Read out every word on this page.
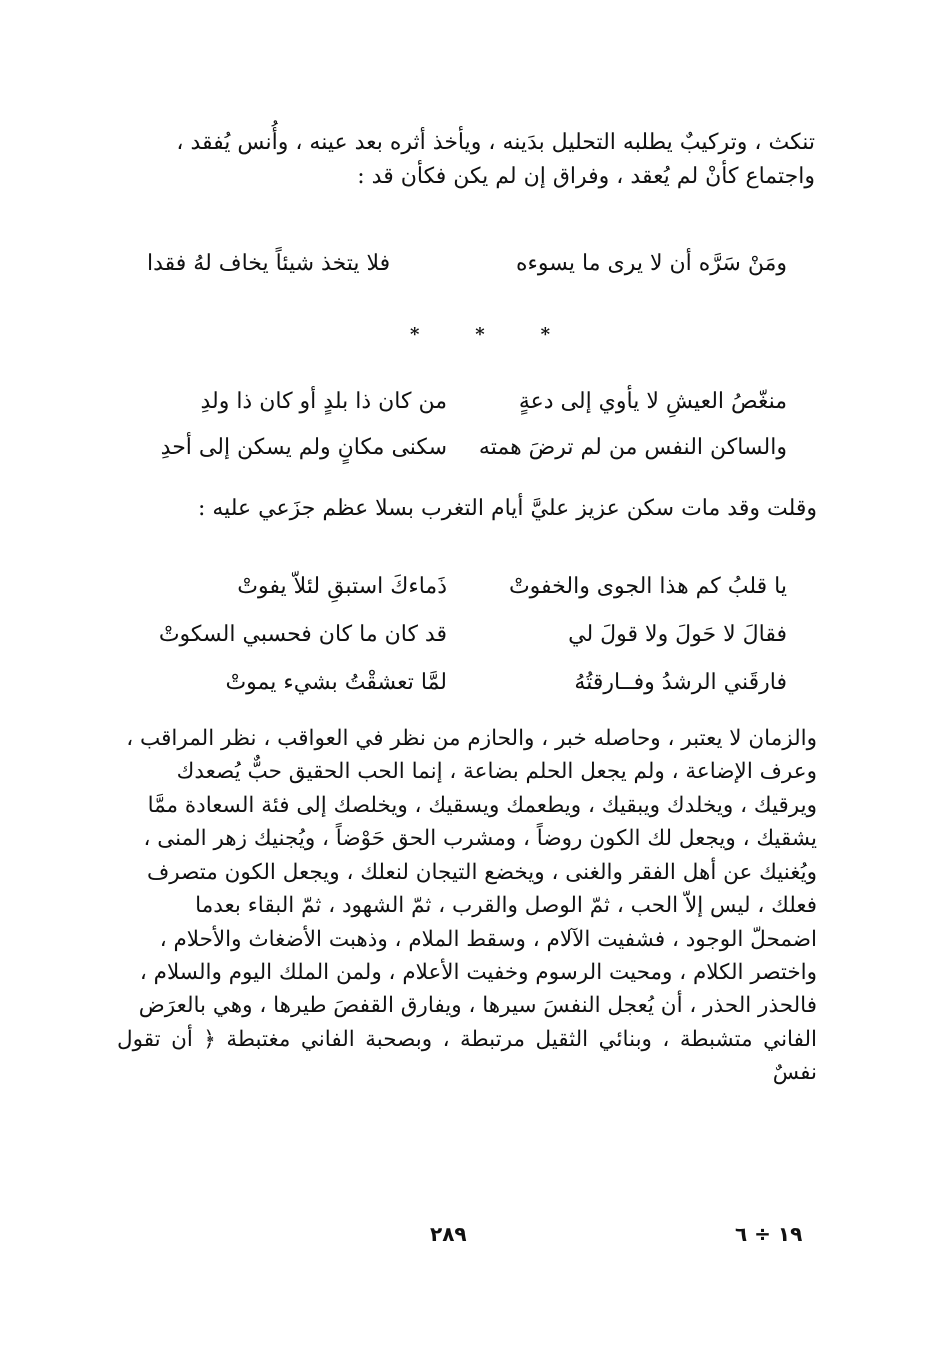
تنكث ، وتركيبٌ يطلبه التحليل بدَينه ، ويأخذ أثره بعد عينه ، وأُنس يُفقد ،

واجتماع كأنْ لم يُعقد ، وفراق إن لم يكن فكأن قد :

ومَنْ سَرَّه أن لا يرى ما يسوءه
فلا يتخذ شيئاً يخاف لهُ فقدا
*
*
*
منغّصُ العيشِ لا يأوي إلى دعةٍ
من كان ذا بلدٍ أو كان ذا ولدِ
والساكن النفس من لم ترضَ همته
سكنى مكانٍ ولم يسكن إلى أحدِ

وقلت وقد مات سكن عزيز عليَّ أيام التغرب بسلا عظم جزَعي عليه :

يا قلبُ كم هذا الجوى والخفوتْ
ذَماءكَ استبقِ لئلاّ يفوتْ
فقالَ لا حَولَ ولا قولَ لي
قد كان ما كان فحسبي السكوتْ
فارقَني الرشدُ وفــارقتُهُ
لمَّا تعشقْتُ بشيء يموتْ

والزمان لا يعتبر ، وحاصله خبر ، والحازم من نظر في العواقب ، نظر المراقب ،

وعرف الإضاعة ، ولم يجعل الحلم بضاعة ، إنما الحب الحقيق حبٌّ يُصعدك

ويرقيك ، ويخلدك ويبقيك ، ويطعمك ويسقيك ، ويخلصك إلى فئة السعادة ممَّا

يشقيك ، ويجعل لك الكون روضاً ، ومشرب الحق حَوْضاً ، ويُجنيك زهر المنى ،

ويُغنيك عن أهل الفقر والغنى ، ويخضع التيجان لنعلك ، ويجعل الكون متصرف

فعلك ، ليس إلاّ الحب ، ثمّ الوصل والقرب ، ثمّ الشهود ، ثمّ البقاء بعدما

اضمحلّ الوجود ، فشفيت الآلام ، وسقط الملام ، وذهبت الأضغاث والأحلام ،

واختصر الكلام ، ومحيت الرسوم وخفيت الأعلام ، ولمن الملك اليوم والسلام ،

فالحذر الحذر ، أن يُعجل النفسَ سيرها ، ويفارق القفصَ طيرها ، وهي بالعرَض

الفاني متشبطة ، وبنائي الثقيل مرتبطة ، وبصحبة الفاني مغتبطة ﴿ أن تقول نفسٌ

٢٨٩	١٩ ÷ ٦
